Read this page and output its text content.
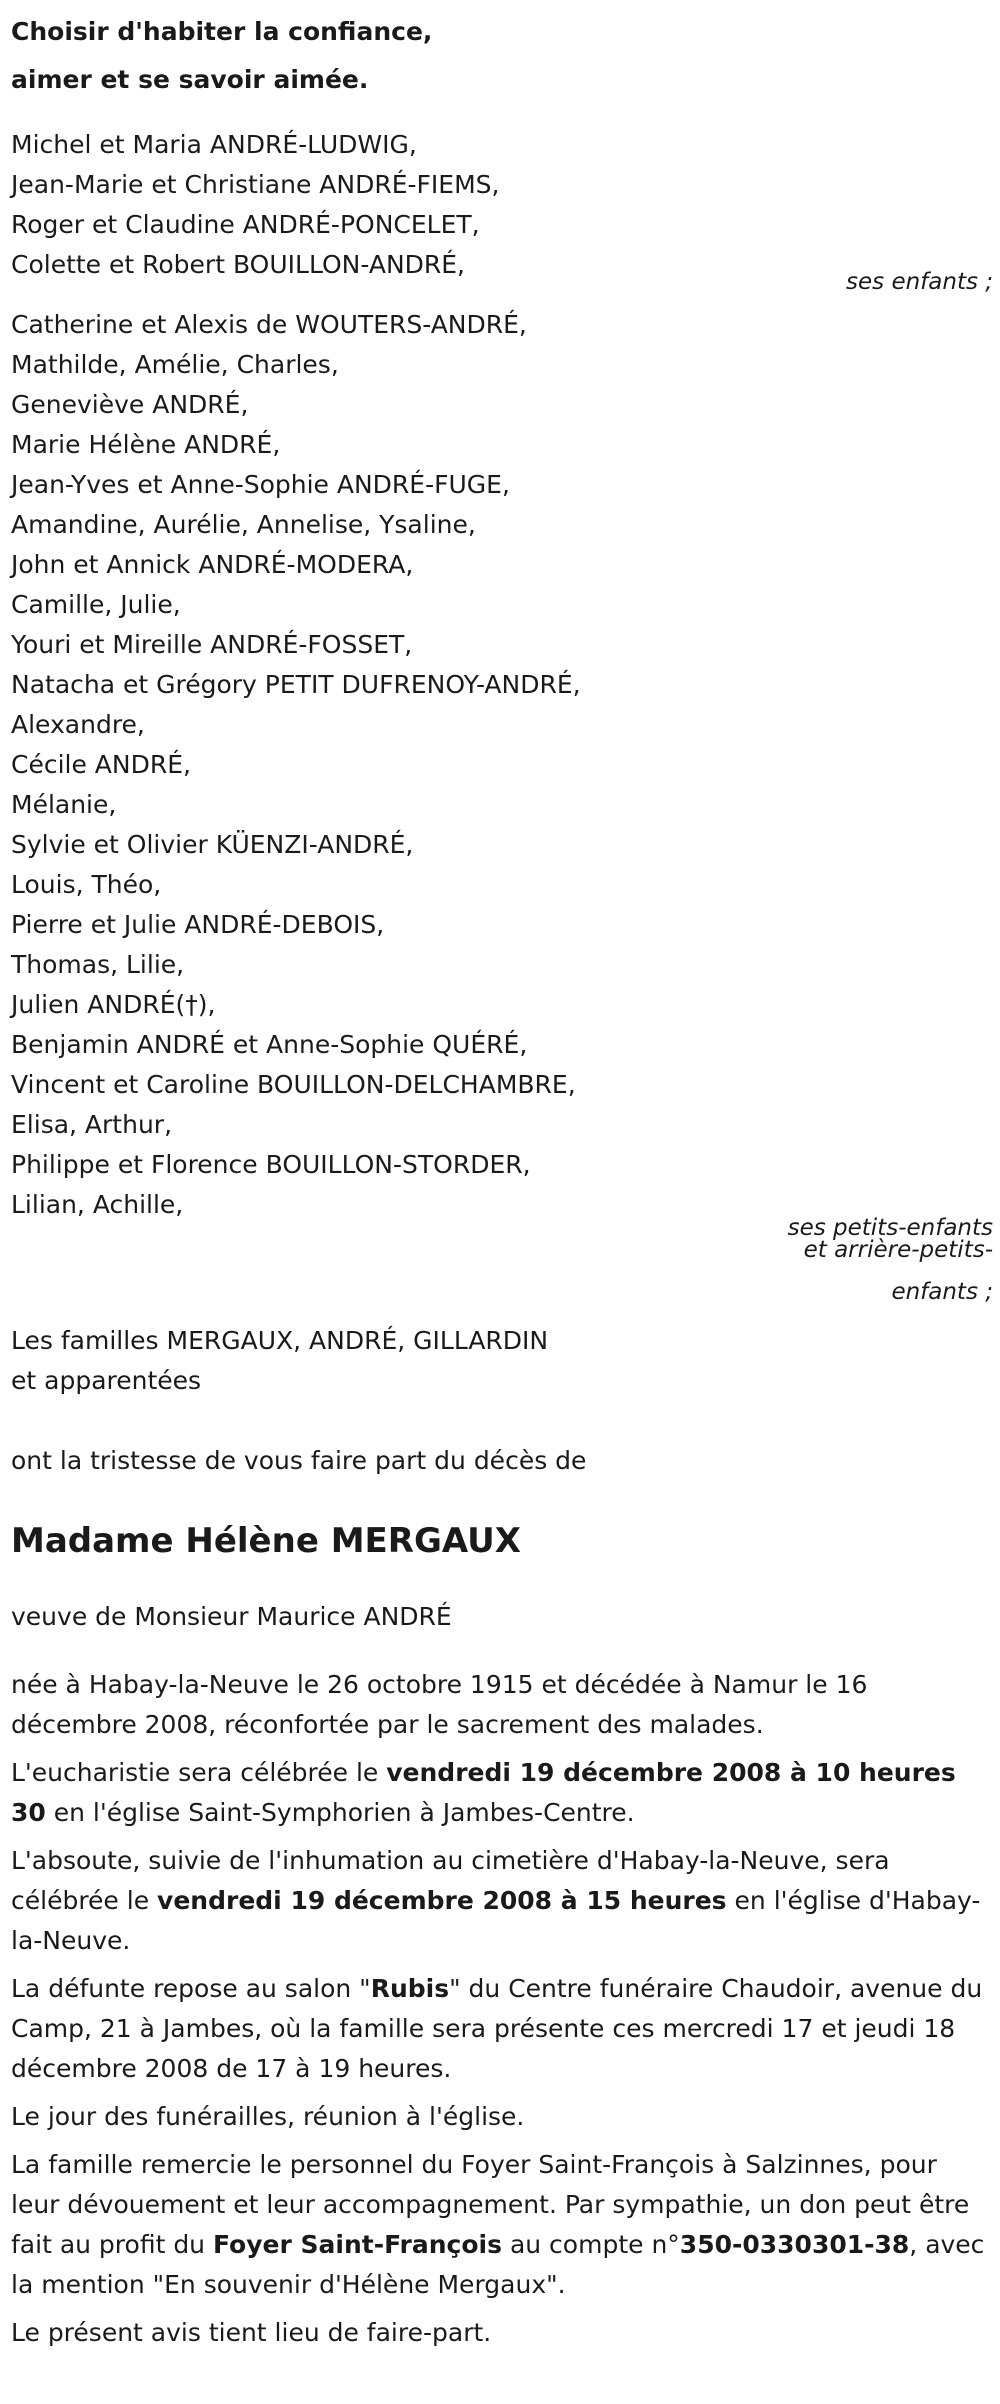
Choisir d'habiter la confiance,
aimer et se savoir aimée.
Michel et Maria ANDRÉ-LUDWIG,
Jean-Marie et Christiane ANDRÉ-FIEMS,
Roger et Claudine ANDRÉ-PONCELET,
Colette et Robert BOUILLON-ANDRÉ,
ses enfants ;
Catherine et Alexis de WOUTERS-ANDRÉ,
Mathilde, Amélie, Charles,
Geneviève ANDRÉ,
Marie Hélène ANDRÉ,
Jean-Yves et Anne-Sophie ANDRÉ-FUGE,
Amandine, Aurélie, Annelise, Ysaline,
John et Annick ANDRÉ-MODERA,
Camille, Julie,
Youri et Mireille ANDRÉ-FOSSET,
Natacha et Grégory PETIT DUFRENOY-ANDRÉ,
Alexandre,
Cécile ANDRÉ,
Mélanie,
Sylvie et Olivier KÜENZI-ANDRÉ,
Louis, Théo,
Pierre et Julie ANDRÉ-DEBOIS,
Thomas, Lilie,
Julien ANDRÉ(†),
Benjamin ANDRÉ et Anne-Sophie QUÉRÉ,
Vincent et Caroline BOUILLON-DELCHAMBRE,
Elisa, Arthur,
Philippe et Florence BOUILLON-STORDER,
Lilian, Achille,
ses petits-enfants
et arrière-petits-
enfants ;
Les familles MERGAUX, ANDRÉ, GILLARDIN
et apparentées
ont la tristesse de vous faire part du décès de
Madame Hélène MERGAUX
veuve de Monsieur Maurice ANDRÉ

née à Habay-la-Neuve le 26 octobre 1915 et décédée à Namur le 16 décembre 2008, réconfortée par le sacrement des malades.

L'eucharistie sera célébrée le vendredi 19 décembre 2008 à 10 heures 30 en l'église Saint-Symphorien à Jambes-Centre.

L'absoute, suivie de l'inhumation au cimetière d'Habay-la-Neuve, sera célébrée le vendredi 19 décembre 2008 à 15 heures en l'église d'Habay-la-Neuve.

La défunte repose au salon "Rubis" du Centre funéraire Chaudoir, avenue du Camp, 21 à Jambes, où la famille sera présente ces mercredi 17 et jeudi 18 décembre 2008 de 17 à 19 heures.

Le jour des funérailles, réunion à l'église.

La famille remercie le personnel du Foyer Saint-François à Salzinnes, pour leur dévouement et leur accompagnement. Par sympathie, un don peut être fait au profit du Foyer Saint-François au compte n°350-0330301-38, avec la mention "En souvenir d'Hélène Mergaux".

Le présent avis tient lieu de faire-part.
